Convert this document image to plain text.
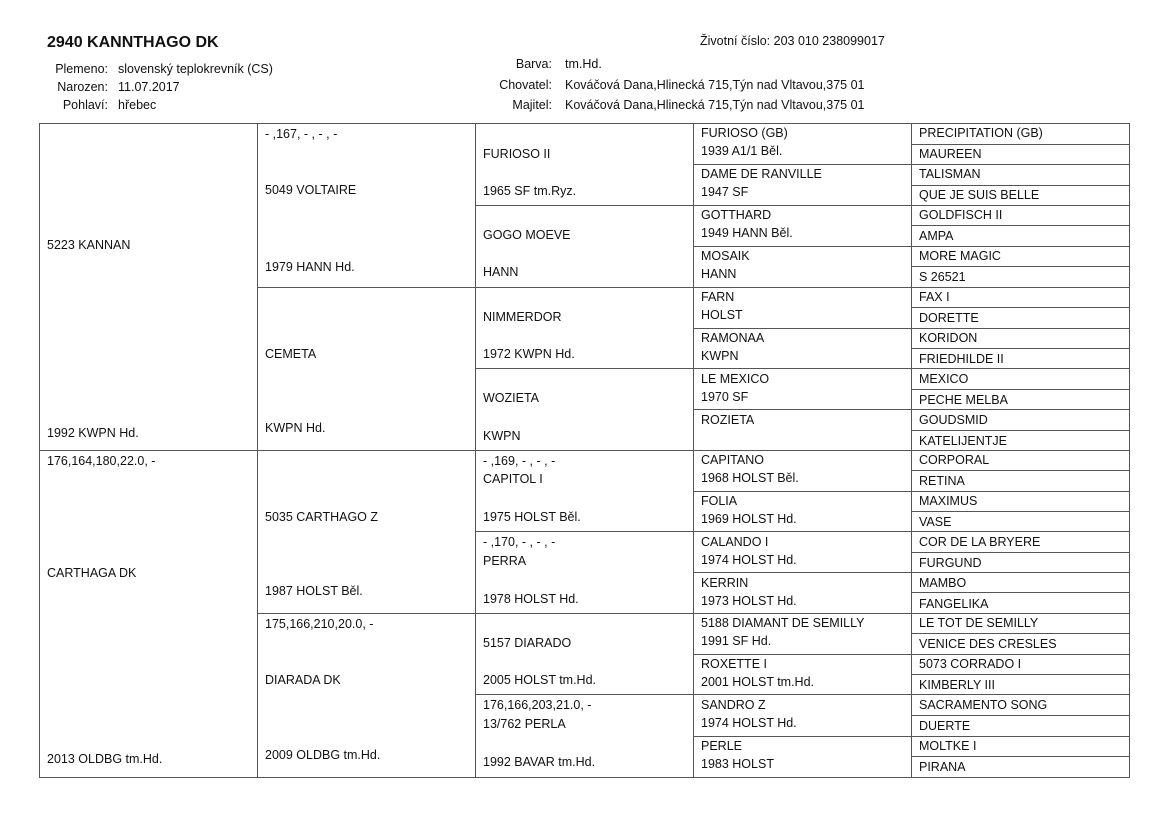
2940 KANNTHAGO DK	Životní číslo: 203 010 238099017
Plemeno: slovenský teplokrevník (CS)
Narozen: 11.07.2017
Pohlaví: hřebec
Barva: tm.Hd.
Chovatel: Kováčová Dana,Hlinecká 715,Týn nad Vltavou,375 01
Majitel: Kováčová Dana,Hlinecká 715,Týn nad Vltavou,375 01
5223 KANNAN
1992 KWPN Hd.
176,164,180,22.0, -
CARTHAGA DK
2013 OLDBG tm.Hd.
- ,167, - , - , -
5049 VOLTAIRE
1979 HANN Hd.
CEMETA
KWPN Hd.
5035 CARTHAGO Z
1987 HOLST Běl.
175,166,210,20.0, -
DIARADA DK
2009 OLDBG tm.Hd.
FURIOSO II
1965 SF tm.Ryz.
GOGO MOEVE
HANN
NIMMERDOR
1972 KWPN Hd.
WOZIETA
KWPN
- ,169, - , - , -
CAPITOL I
1975 HOLST Běl.
- ,170, - , - , -
PERRA
1978 HOLST Hd.
5157 DIARADO
2005 HOLST tm.Hd.
176,166,203,21.0, -
13/762 PERLA
1992 BAVAR tm.Hd.
FURIOSO (GB)
1939 A1/1 Běl.
DAME DE RANVILLE
1947 SF
GOTTHARD
1949 HANN Běl.
MOSAIK
HANN
FARN
HOLST
RAMONAA
KWPN
LE MEXICO
1970 SF
ROZIETA
CAPITANO
1968 HOLST Běl.
FOLIA
1969 HOLST Hd.
CALANDO I
1974 HOLST Hd.
KERRIN
1973 HOLST Hd.
5188 DIAMANT DE SEMILLY
1991 SF Hd.
ROXETTE I
2001 HOLST tm.Hd.
SANDRO Z
1974 HOLST Hd.
PERLE
1983 HOLST
PRECIPITATION (GB)
MAUREEN
TALISMAN
QUE JE SUIS BELLE
GOLDFISCH II
AMPA
MORE MAGIC
S 26521
FAX I
DORETTE
KORIDON
FRIEDHILDE II
MEXICO
PECHE MELBA
GOUDSMID
KATELIJENTJE
CORPORAL
RETINA
MAXIMUS
VASE
COR DE LA BRYERE
FURGUND
MAMBO
FANGELIKA
LE TOT DE SEMILLY
VENICE DES CRESLES
5073 CORRADO I
KIMBERLY III
SACRAMENTO SONG
DUERTE
MOLTKE I
PIRANA
